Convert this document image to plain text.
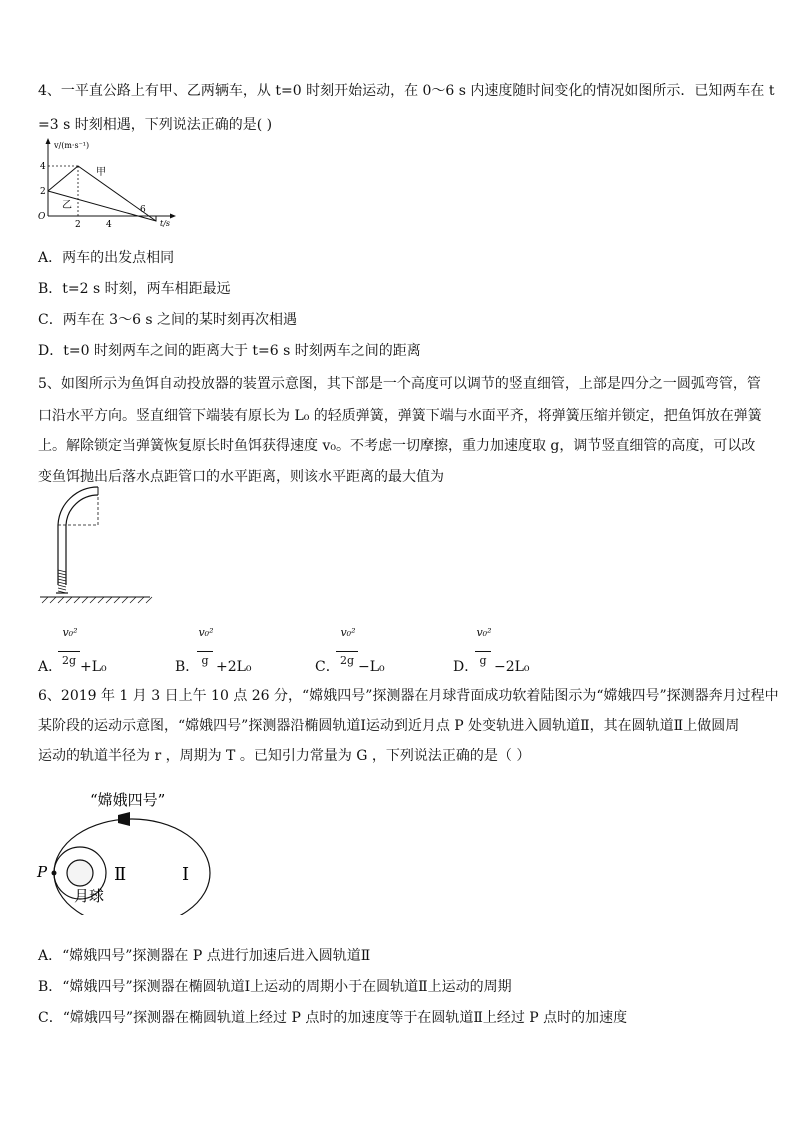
4、一平直公路上有甲、乙两辆车，从 t=0 时刻开始运动，在 0～6 s 内速度随时间变化的情况如图所示．已知两车在 t
=3 s 时刻相遇，下列说法正确的是( )
v/(m·s⁻¹)
t/s
O
4
2
2	4
6
甲
乙
A．两车的出发点相同
B．t=2 s 时刻，两车相距最远
C．两车在 3～6 s 之间的某时刻再次相遇
D．t=0 时刻两车之间的距离大于 t=6 s 时刻两车之间的距离
5、如图所示为鱼饵自动投放器的装置示意图，其下部是一个高度可以调节的竖直细管，上部是四分之一圆弧弯管，管
口沿水平方向。竖直细管下端装有原长为 L₀ 的轻质弹簧，弹簧下端与水面平齐，将弹簧压缩并锁定，把鱼饵放在弹簧
上。解除锁定当弹簧恢复原长时鱼饵获得速度 v₀。不考虑一切摩擦，重力加速度取 g，调节竖直细管的高度，可以改
变鱼饵抛出后落水点距管口的水平距离，则该水平距离的最大值为
A．
v₀²
2g +L₀	B．
v₀²
g +2L₀	C．
v₀²
2g −L₀	D．
v₀²
g −2L₀
6、2019 年 1 月 3 日上午 10 点 26 分，“嫦娥四号”探测器在月球背面成功软着陆图示为“嫦娥四号”探测器奔月过程中
某阶段的运动示意图，“嫦娥四号”探测器沿椭圆轨道Ⅰ运动到近月点 P 处变轨进入圆轨道Ⅱ，其在圆轨道Ⅱ上做圆周
运动的轨道半径为 r ，周期为 T 。已知引力常量为 G ，下列说法正确的是（ ）
“嫦娥四号”
P	Ⅱ	Ⅰ
月球
A．“嫦娥四号”探测器在 P 点进行加速后进入圆轨道Ⅱ
B．“嫦娥四号”探测器在椭圆轨道Ⅰ上运动的周期小于在圆轨道Ⅱ上运动的周期
C．“嫦娥四号”探测器在椭圆轨道上经过 P 点时的加速度等于在圆轨道Ⅱ上经过 P 点时的加速度
